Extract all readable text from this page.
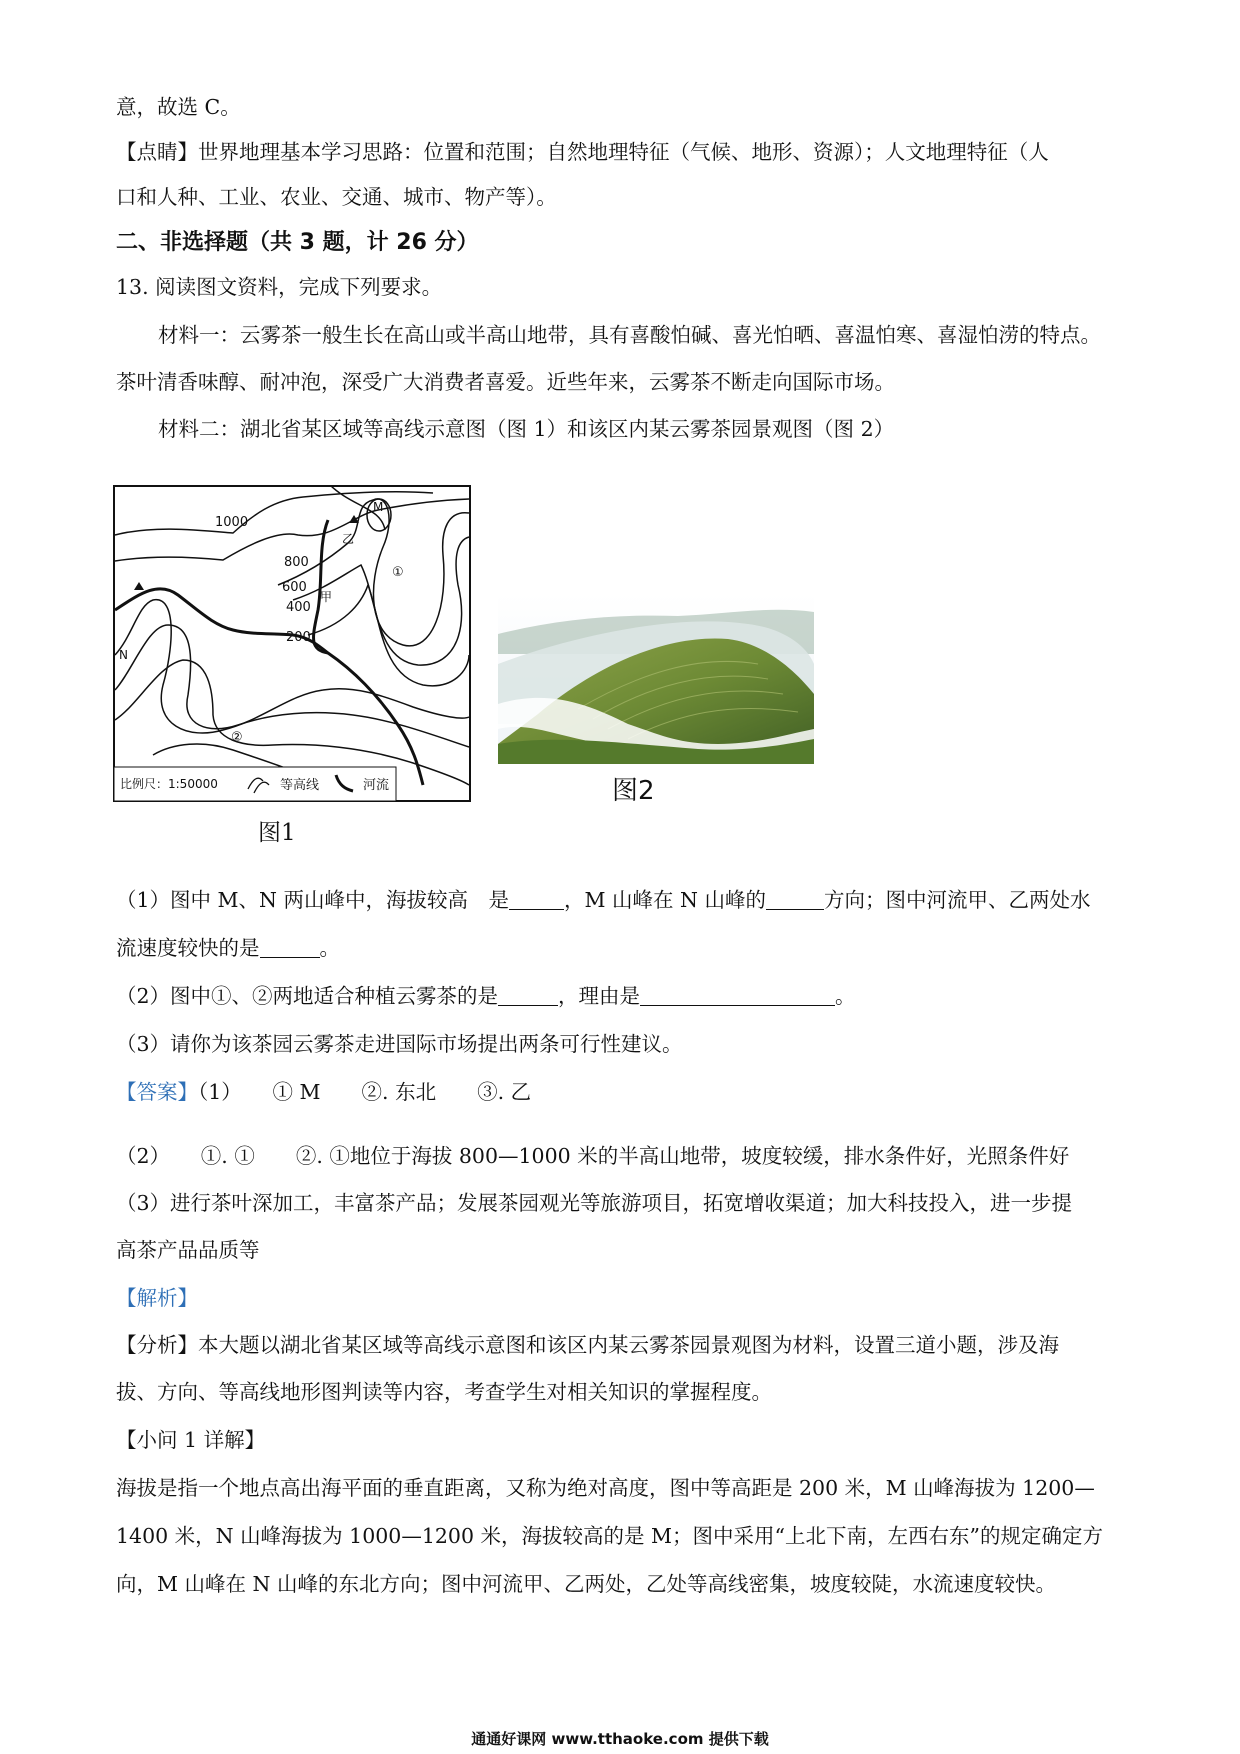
意，故选 C。
【点睛】世界地理基本学习思路：位置和范围；自然地理特征（气候、地形、资源）；人文地理特征（人
口和人种、工业、农业、交通、城市、物产等）。
二、非选择题（共 3 题，计 26 分）
13. 阅读图文资料，完成下列要求。
材料一：云雾茶一般生长在高山或半高山地带，具有喜酸怕碱、喜光怕晒、喜温怕寒、喜湿怕涝的特点。
茶叶清香味醇、耐冲泡，深受广大消费者喜爱。近些年来，云雾茶不断走向国际市场。
材料二：湖北省某区域等高线示意图（图 1）和该区内某云雾茶园景观图（图 2）
1000
800
600
400
200
M
N
甲
乙
①
②
比例尺：1:50000	等高线	河流
图1
图2
（1）图中 M、N 两山峰中，海拔较高　是	，M 山峰在 N 山峰的	方向；图中河流甲、乙两处水
流速度较快的是	。
（2）图中①、②两地适合种植云雾茶的是	，理由是	。
（3）请你为该茶园云雾茶走进国际市场提出两条可行性建议。
【答案】（1）　　① M　　②. 东北　　③. 乙
（2）　　①. ①　　②. ①地位于海拔 800—1000 米的半高山地带，坡度较缓，排水条件好，光照条件好
（3）进行茶叶深加工，丰富茶产品；发展茶园观光等旅游项目，拓宽增收渠道；加大科技投入，进一步提
高茶产品品质等
【解析】
【分析】本大题以湖北省某区域等高线示意图和该区内某云雾茶园景观图为材料，设置三道小题，涉及海
拔、方向、等高线地形图判读等内容，考查学生对相关知识的掌握程度。
【小问 1 详解】
海拔是指一个地点高出海平面的垂直距离，又称为绝对高度，图中等高距是 200 米，M 山峰海拔为 1200—
1400 米，N 山峰海拔为 1000—1200 米，海拔较高的是 M；图中采用“上北下南，左西右东”的规定确定方
向，M 山峰在 N 山峰的东北方向；图中河流甲、乙两处，乙处等高线密集，坡度较陡，水流速度较快。
通通好课网 www.tthaoke.com 提供下载
